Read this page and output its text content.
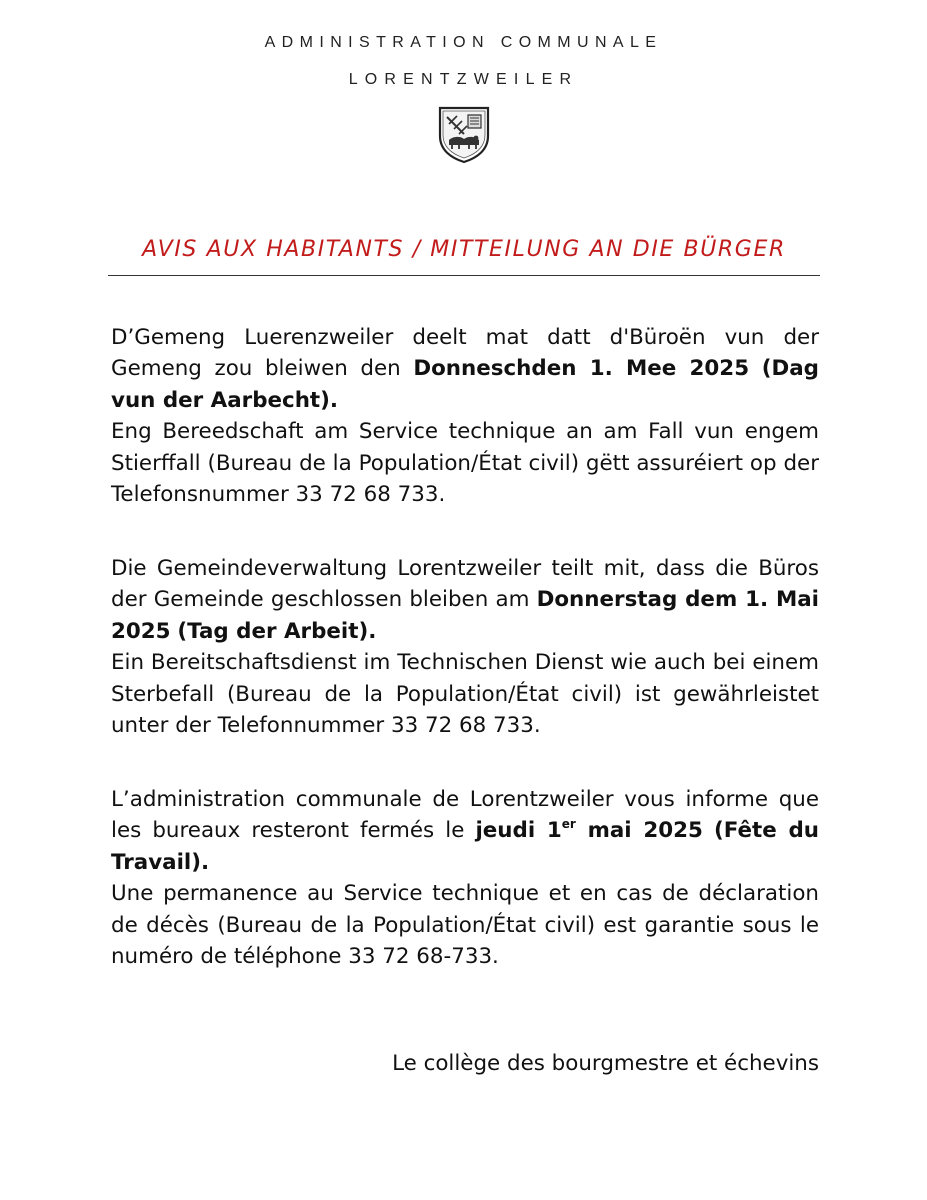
ADMINISTRATION COMMUNALE
LORENTZWEILER
AVIS AUX HABITANTS / MITTEILUNG AN DIE BÜRGER
D’Gemeng Luerenzweiler deelt mat datt d'Büroën vun der Gemeng zou bleiwen den Donneschden 1. Mee 2025 (Dag vun der Aarbecht).
Eng Bereedschaft am Service technique an am Fall vun engem Stierffall (Bureau de la Population/État civil) gëtt assuréiert op der Telefonsnummer 33 72 68 733.
Die Gemeindeverwaltung Lorentzweiler teilt mit, dass die Büros der Gemeinde geschlossen bleiben am Donnerstag dem 1. Mai 2025 (Tag der Arbeit).
Ein Bereitschaftsdienst im Technischen Dienst wie auch bei einem Sterbefall (Bureau de la Population/État civil) ist gewährleistet unter der Telefonnummer 33 72 68 733.
L’administration communale de Lorentzweiler vous informe que les bureaux resteront fermés le jeudi 1er mai 2025 (Fête du Travail).
Une permanence au Service technique et en cas de déclaration de décès (Bureau de la Population/État civil) est garantie sous le numéro de téléphone 33 72 68-733.
Le collège des bourgmestre et échevins
